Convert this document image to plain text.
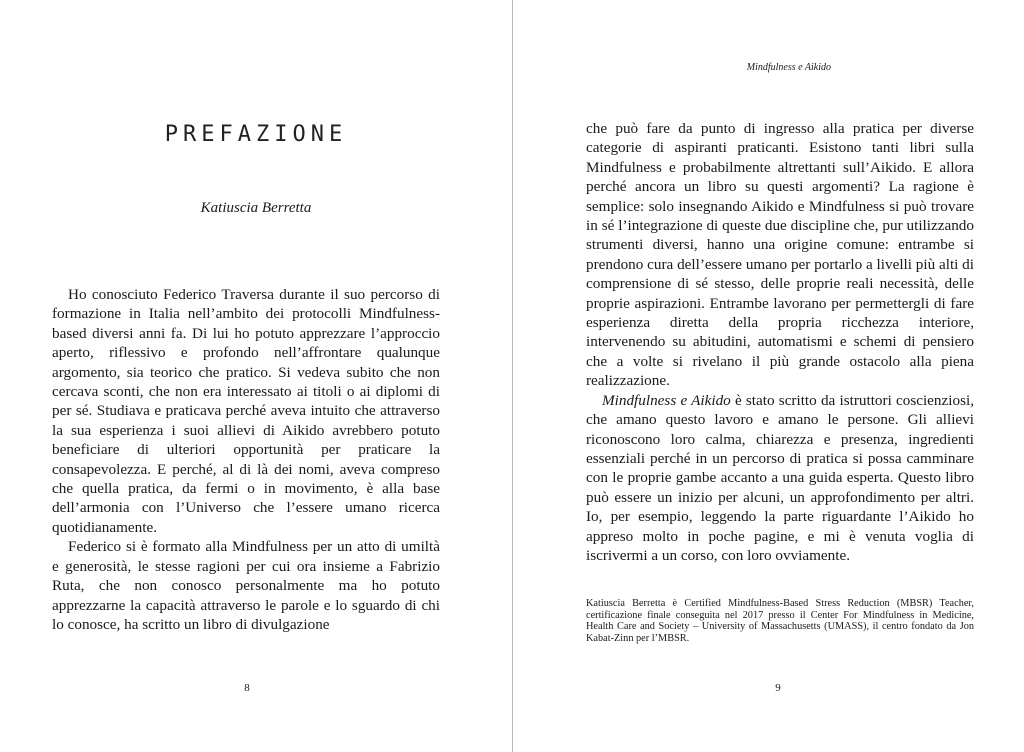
PREFAZIONE
Katiuscia Berretta

Ho conosciuto Federico Traversa durante il suo percorso di formazione in Italia nell’ambito dei protocolli Mindfulness-based diversi anni fa. Di lui ho potuto apprezzare l’approccio aperto, riflessivo e profondo nell’affrontare qualunque argomento, sia teorico che pratico. Si vedeva subito che non cercava sconti, che non era interessato ai titoli o ai diplomi di per sé. Studiava e praticava perché aveva intuito che attraverso la sua esperienza i suoi allievi di Aikido avrebbero potuto beneficiare di ulteriori opportunità per praticare la consapevolezza. E perché, al di là dei nomi, aveva compreso che quella pratica, da fermi o in movimento, è alla base dell’armonia con l’Universo che l’essere umano ricerca quotidianamente.

Federico si è formato alla Mindfulness per un atto di umiltà e generosità, le stesse ragioni per cui ora insieme a Fabrizio Ruta, che non conosco personalmente ma ho potuto apprezzarne la capacità attraverso le parole e lo sguardo di chi lo conosce, ha scritto un libro di divulgazione

8
Mindfulness e Aikido

che può fare da punto di ingresso alla pratica per diverse categorie di aspiranti praticanti. Esistono tanti libri sulla Mindfulness e probabilmente altrettanti sull’Aikido. E allora perché ancora un libro su questi argomenti? La ragione è semplice: solo insegnando Aikido e Mindfulness si può trovare in sé l’integrazione di queste due discipline che, pur utilizzando strumenti diversi, hanno una origine comune: entrambe si prendono cura dell’essere umano per portarlo a livelli più alti di comprensione di sé stesso, delle proprie reali necessità, delle proprie aspirazioni. Entrambe lavorano per permettergli di fare esperienza diretta della propria ricchezza interiore, intervenendo su abitudini, automatismi e schemi di pensiero che a volte si rivelano il più grande ostacolo alla piena realizzazione.

Mindfulness e Aikido è stato scritto da istruttori coscienziosi, che amano questo lavoro e amano le persone. Gli allievi riconoscono loro calma, chiarezza e presenza, ingredienti essenziali perché in un percorso di pratica si possa camminare con le proprie gambe accanto a una guida esperta. Questo libro può essere un inizio per alcuni, un approfondimento per altri. Io, per esempio, leggendo la parte riguardante l’Aikido ho appreso molto in poche pagine, e mi è venuta voglia di iscrivermi a un corso, con loro ovviamente.

Katiuscia Berretta è Certified Mindfulness-Based Stress Reduction (MBSR) Teacher, certificazione finale conseguita nel 2017 presso il Center For Mindfulness in Medicine, Health Care and Society – University of Massachusetts (UMASS), il centro fondato da Jon Kabat-Zinn per l’MBSR.

9
